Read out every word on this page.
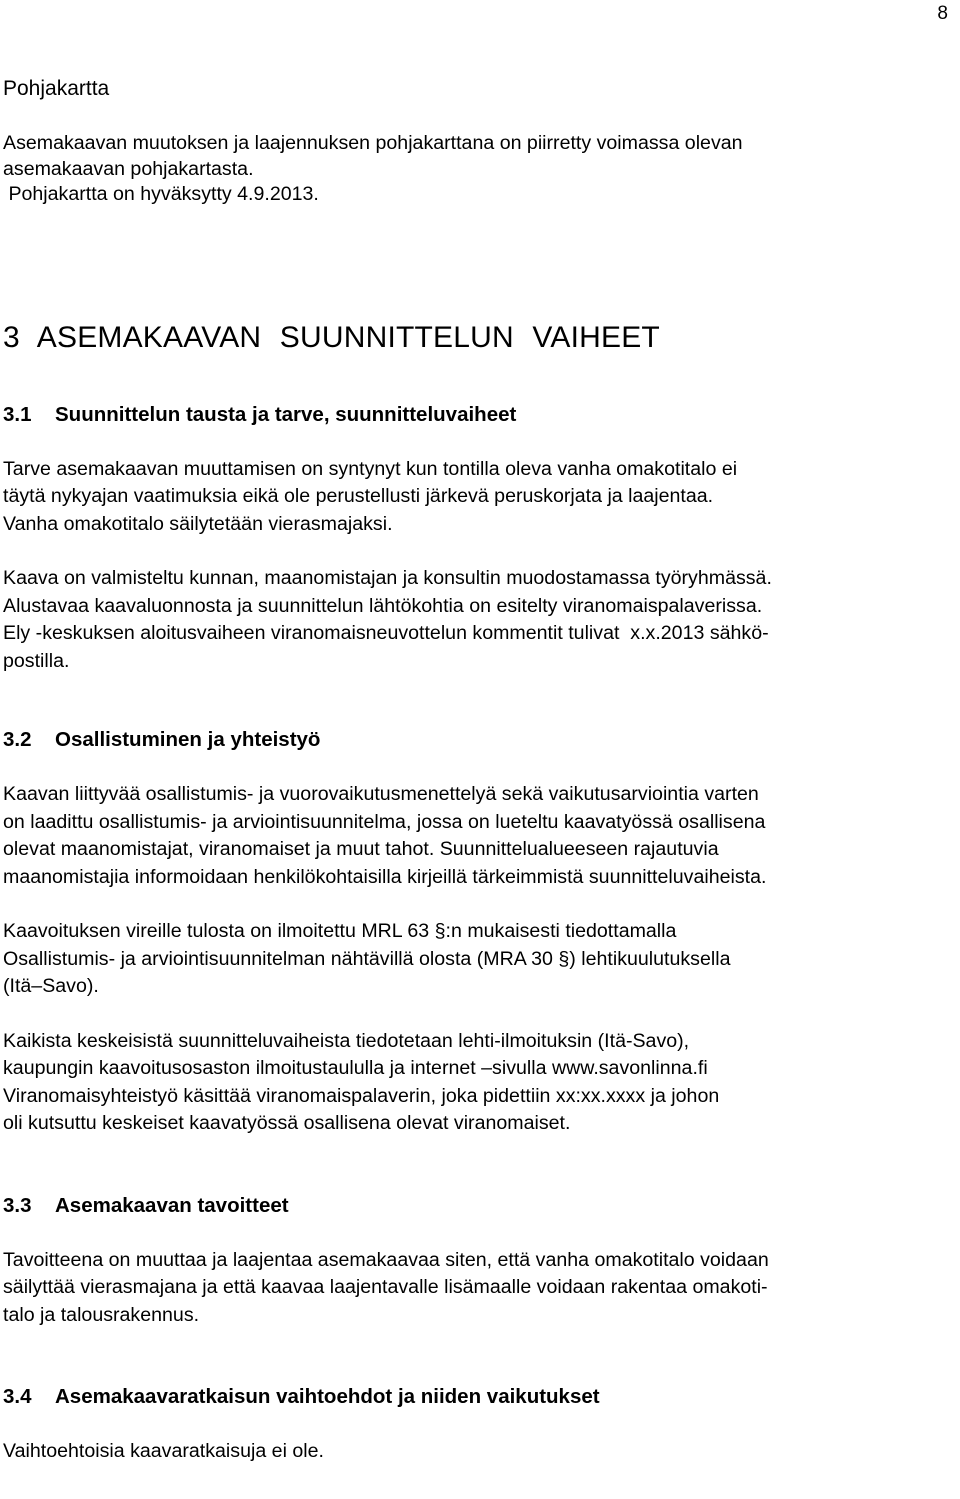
8

Pohjakartta

Asemakaavan muutoksen ja laajennuksen pohjakarttana on piirretty voimassa olevan

asemakaavan pohjakartasta.

Pohjakartta on hyväksytty 4.9.2013.

3 ASEMAKAAVAN SUUNNITTELUN VAIHEET
3.1 Suunnittelun tausta ja tarve, suunnitteluvaiheet

Tarve asemakaavan muuttamisen on syntynyt kun tontilla oleva vanha omakotitalo ei

täytä nykyajan vaatimuksia eikä ole perustellusti järkevä peruskorjata ja laajentaa.

Vanha omakotitalo säilytetään vierasmajaksi.

Kaava on valmisteltu kunnan, maanomistajan ja konsultin muodostamassa työryhmässä.

Alustavaa kaavaluonnosta ja suunnittelun lähtökohtia on esitelty viranomaispalaverissa.

Ely -keskuksen aloitusvaiheen viranomaisneuvottelun kommentit tulivat  x.x.2013 sähkö-

postilla.

3.2 Osallistuminen ja yhteistyö

Kaavan liittyvää osallistumis- ja vuorovaikutusmenettelyä sekä vaikutusarviointia varten

on laadittu osallistumis- ja arviointisuunnitelma, jossa on lueteltu kaavatyössä osallisena

olevat maanomistajat, viranomaiset ja muut tahot. Suunnittelualueeseen rajautuvia

maanomistajia informoidaan henkilökohtaisilla kirjeillä tärkeimmistä suunnitteluvaiheista.

Kaavoituksen vireille tulosta on ilmoitettu MRL 63 §:n mukaisesti tiedottamalla

Osallistumis- ja arviointisuunnitelman nähtävillä olosta (MRA 30 §) lehtikuulutuksella

(Itä–Savo).

Kaikista keskeisistä suunnitteluvaiheista tiedotetaan lehti-ilmoituksin (Itä-Savo),

kaupungin kaavoitusosaston ilmoitustaululla ja internet –sivulla www.savonlinna.fi

Viranomaisyhteistyö käsittää viranomaispalaverin, joka pidettiin xx:xx.xxxx ja johon

oli kutsuttu keskeiset kaavatyössä osallisena olevat viranomaiset.

3.3 Asemakaavan tavoitteet

Tavoitteena on muuttaa ja laajentaa asemakaavaa siten, että vanha omakotitalo voidaan

säilyttää vierasmajana ja että kaavaa laajentavalle lisämaalle voidaan rakentaa omakoti-

talo ja talousrakennus.

3.4 Asemakaavaratkaisun vaihtoehdot ja niiden vaikutukset

Vaihtoehtoisia kaavaratkaisuja ei ole.
